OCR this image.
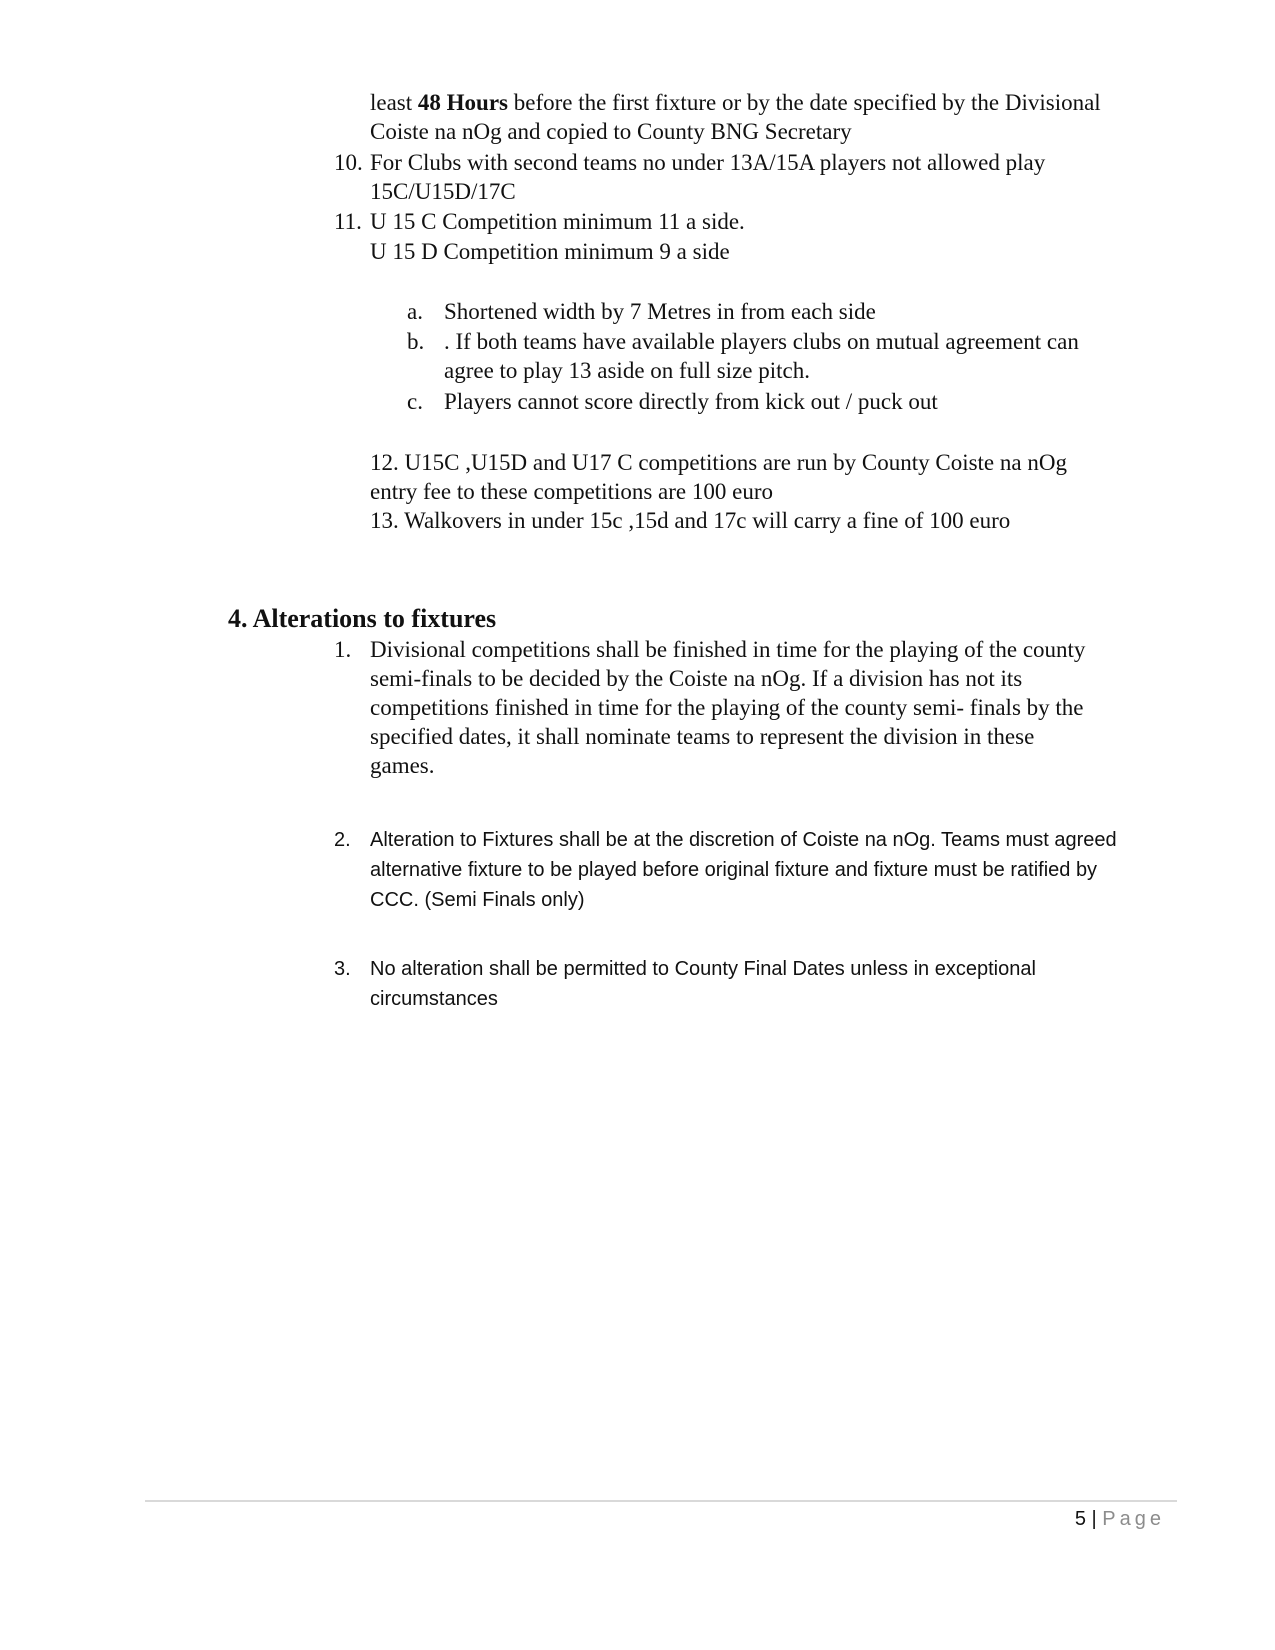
least 48 Hours before the first fixture or by the date specified by the Divisional
Coiste na nOg and copied to County BNG Secretary
10. For Clubs with second teams no under 13A/15A players not allowed play
15C/U15D/17C
11. U 15 C Competition minimum 11 a side.
U 15 D Competition minimum 9 a side
a. Shortened width by 7 Metres in from each side
b. . If both teams have available players clubs on mutual agreement can
agree to play 13 aside on full size pitch.
c. Players cannot score directly from kick out / puck out
12. U15C ,U15D and U17 C competitions are run by County Coiste na nOg
entry fee to these competitions are 100 euro
13. Walkovers in under 15c ,15d and 17c will carry a fine of 100 euro
4. Alterations to fixtures
1. Divisional competitions shall be finished in time for the playing of the county
semi-finals to be decided by the Coiste na nOg. If a division has not its
competitions finished in time for the playing of the county semi- finals by the
specified dates, it shall nominate teams to represent the division in these
games.
2. Alteration to Fixtures shall be at the discretion of Coiste na nOg. Teams must agreed
alternative fixture to be played before original fixture and fixture must be ratified by
CCC. (Semi Finals only)
3. No alteration shall be permitted to County Final Dates unless in exceptional
circumstances
5 | Page
